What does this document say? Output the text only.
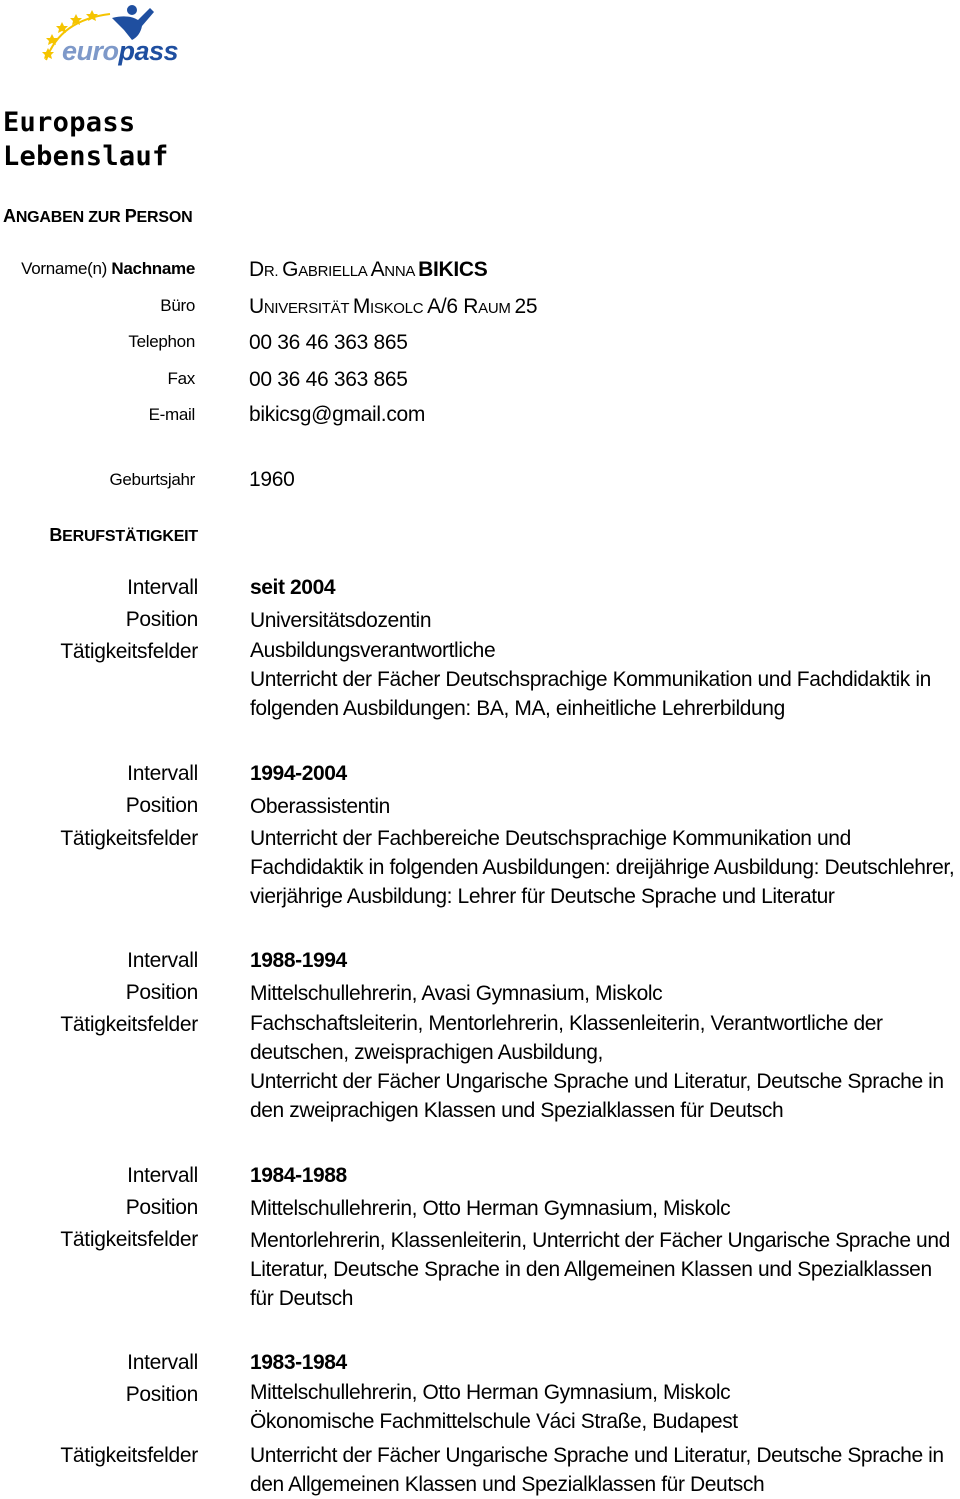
europass
Europass
Lebenslauf
ANGABEN ZUR PERSON
Vorname(n) Nachname	DR. GABRIELLA ANNA BIKICS
Büro	UNIVERSITÄT MISKOLC A/6 RAUM 25
Telephon	00 36 46 363 865
Fax	00 36 46 363 865
E-mail	bikicsg@gmail.com
Geburtsjahr	1960
BERUFSTÄTIGKEIT
Intervall seit 2004
Position Universitätsdozentin
Tätigkeitsfelder Ausbildungsverantwortliche
Unterricht der Fächer Deutschsprachige Kommunikation und Fachdidaktik in
folgenden Ausbildungen: BA, MA, einheitliche Lehrerbildung
Intervall 1994-2004
Position Oberassistentin
Tätigkeitsfelder Unterricht der Fachbereiche Deutschsprachige Kommunikation und
Fachdidaktik in folgenden Ausbildungen: dreijährige Ausbildung: Deutschlehrer,
vierjährige Ausbildung: Lehrer für Deutsche Sprache und Literatur
Intervall 1988-1994
Position Mittelschullehrerin, Avasi Gymnasium, Miskolc
Tätigkeitsfelder Fachschaftsleiterin, Mentorlehrerin, Klassenleiterin, Verantwortliche der
deutschen, zweisprachigen Ausbildung,
Unterricht der Fächer Ungarische Sprache und Literatur, Deutsche Sprache in
den zweiprachigen Klassen und Spezialklassen für Deutsch
Intervall 1984-1988
Position Mittelschullehrerin, Otto Herman Gymnasium, Miskolc
Tätigkeitsfelder Mentorlehrerin, Klassenleiterin, Unterricht der Fächer Ungarische Sprache und
Literatur, Deutsche Sprache in den Allgemeinen Klassen und Spezialklassen
für Deutsch
Intervall 1983-1984
Position Mittelschullehrerin, Otto Herman Gymnasium, Miskolc
Ökonomische Fachmittelschule Váci Straße, Budapest
Tätigkeitsfelder Unterricht der Fächer Ungarische Sprache und Literatur, Deutsche Sprache in
den Allgemeinen Klassen und Spezialklassen für Deutsch
